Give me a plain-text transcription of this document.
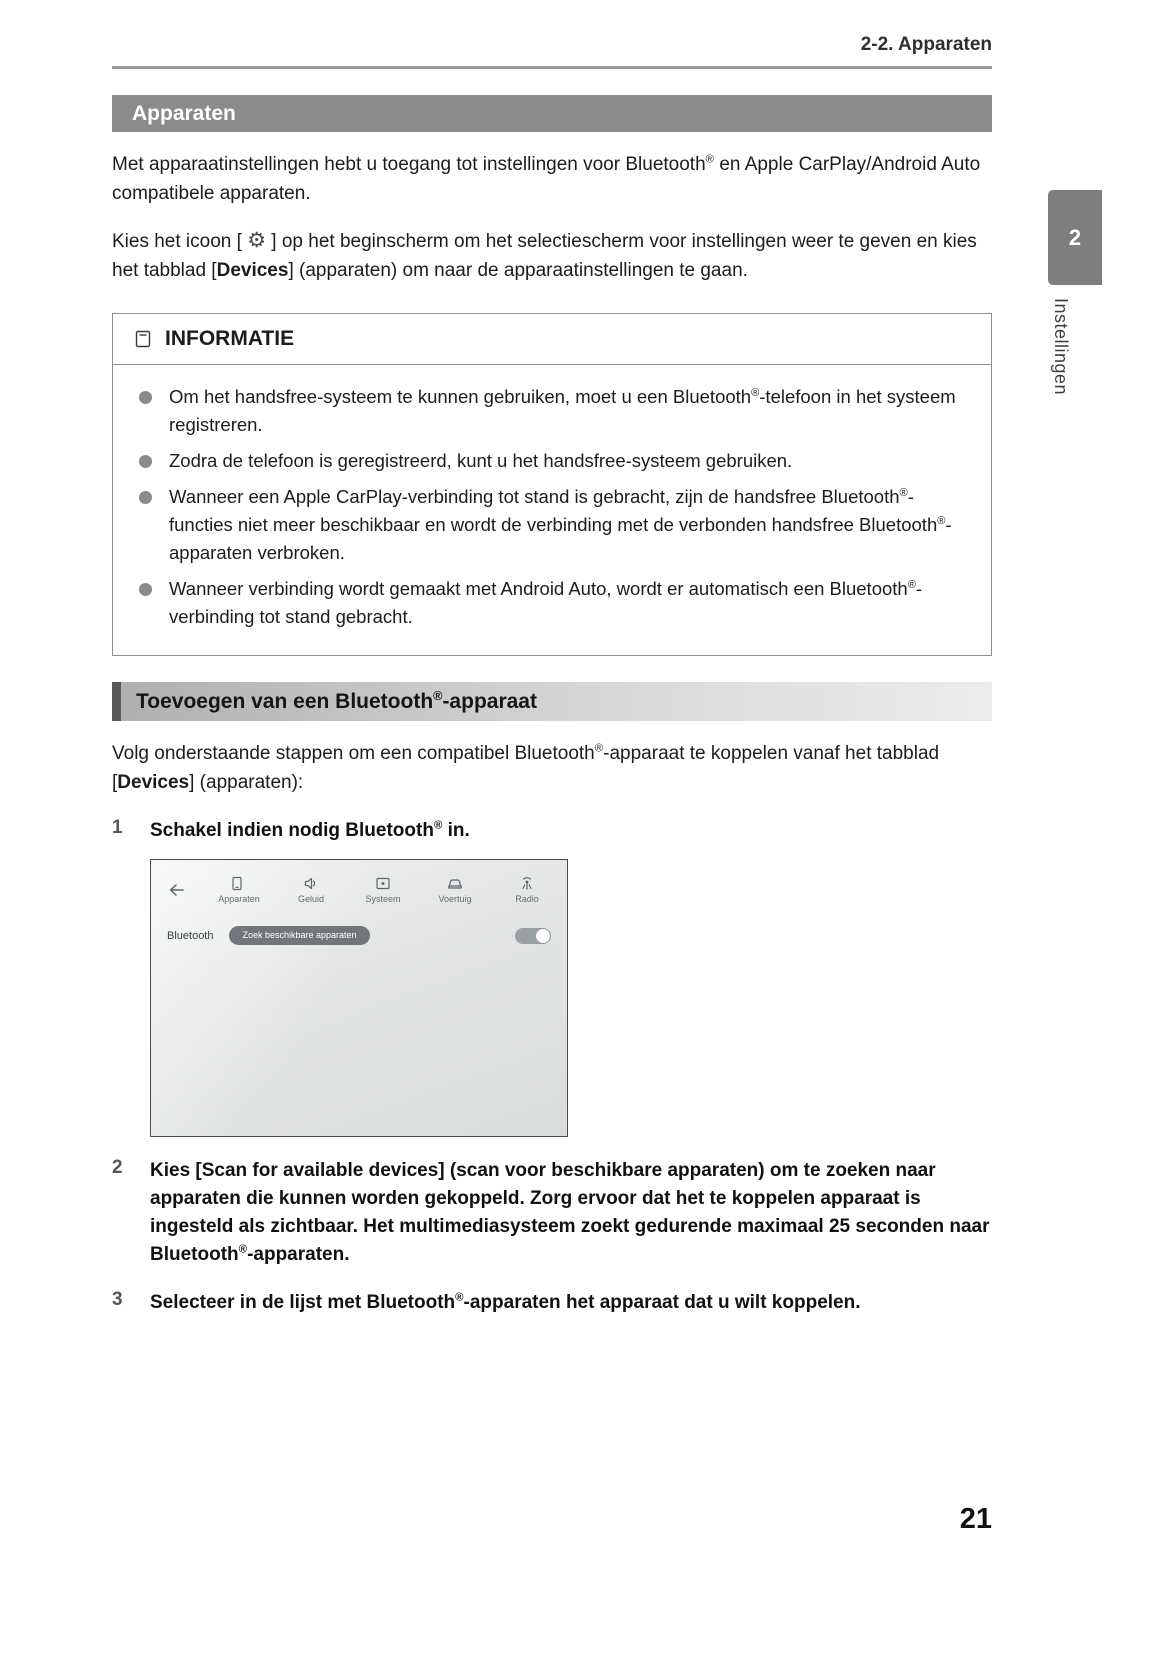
2-2. Apparaten
Apparaten

Met apparaatinstellingen hebt u toegang tot instellingen voor Bluetooth® en Apple CarPlay/Android Auto compatibele apparaten.

Kies het icoon [ ⚙ ] op het beginscherm om het selectiescherm voor instellingen weer te geven en kies het tabblad [Devices] (apparaten) om naar de apparaatinstellingen te gaan.

INFORMATIE
Om het handsfree-systeem te kunnen gebruiken, moet u een Bluetooth®-telefoon in het systeem registreren.
Zodra de telefoon is geregistreerd, kunt u het handsfree-systeem gebruiken.
Wanneer een Apple CarPlay-verbinding tot stand is gebracht, zijn de handsfree Bluetooth®-functies niet meer beschikbaar en wordt de verbinding met de verbonden handsfree Bluetooth®-apparaten verbroken.
Wanneer verbinding wordt gemaakt met Android Auto, wordt er automatisch een Bluetooth®-verbinding tot stand gebracht.
Toevoegen van een Bluetooth®-apparaat

Volg onderstaande stappen om een compatibel Bluetooth®-apparaat te koppelen vanaf het tabblad [Devices] (apparaten):

1	Schakel indien nodig Bluetooth® in.
Apparaten	Geluid	Systeem	Voertuig	Radio
Bluetooth	Zoek beschikbare apparaten
2	Kies [Scan for available devices] (scan voor beschikbare apparaten) om te zoeken naar apparaten die kunnen worden gekoppeld. Zorg ervoor dat het te koppelen apparaat is ingesteld als zichtbaar. Het multimediasysteem zoekt gedurende maximaal 25 seconden naar Bluetooth®-apparaten.
3	Selecteer in de lijst met Bluetooth®-apparaten het apparaat dat u wilt koppelen.
2
Instellingen
21
